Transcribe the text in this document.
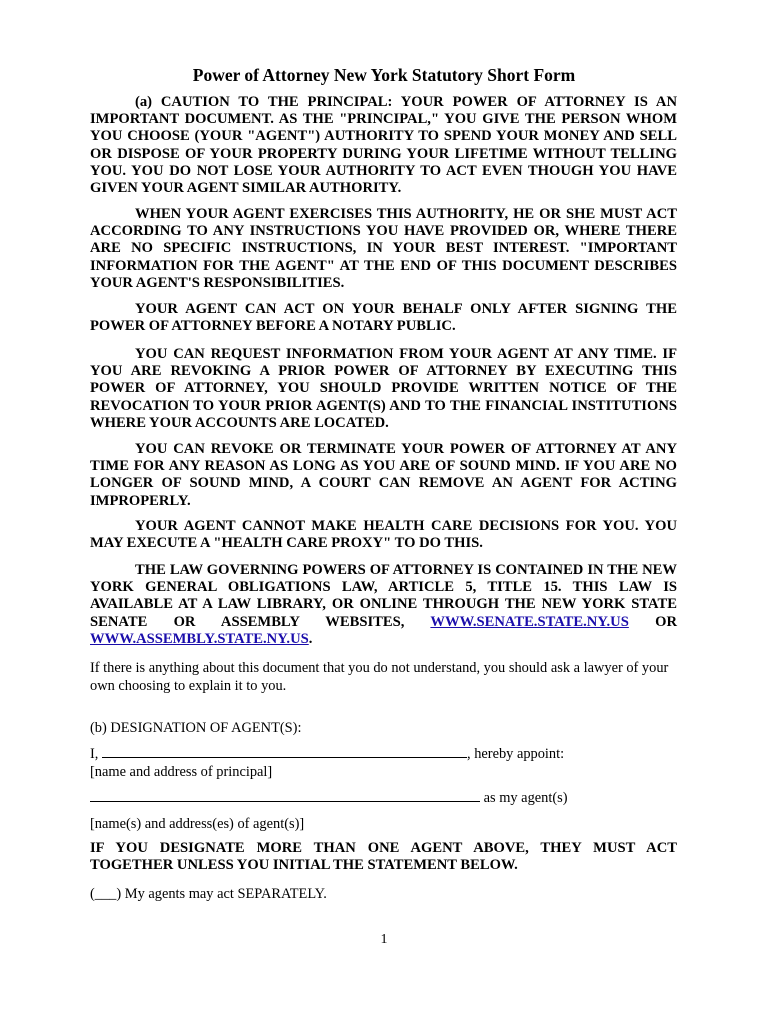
Power of Attorney New York Statutory Short Form
(a) CAUTION TO THE PRINCIPAL: YOUR POWER OF ATTORNEY IS AN IMPORTANT DOCUMENT. AS THE "PRINCIPAL," YOU GIVE THE PERSON WHOM YOU CHOOSE (YOUR "AGENT") AUTHORITY TO SPEND YOUR MONEY AND SELL OR DISPOSE OF YOUR PROPERTY DURING YOUR LIFETIME WITHOUT TELLING YOU. YOU DO NOT LOSE YOUR AUTHORITY TO ACT EVEN THOUGH YOU HAVE GIVEN YOUR AGENT SIMILAR AUTHORITY.
WHEN YOUR AGENT EXERCISES THIS AUTHORITY, HE OR SHE MUST ACT ACCORDING TO ANY INSTRUCTIONS YOU HAVE PROVIDED OR, WHERE THERE ARE NO SPECIFIC INSTRUCTIONS, IN YOUR BEST INTEREST. "IMPORTANT INFORMATION FOR THE AGENT" AT THE END OF THIS DOCUMENT DESCRIBES YOUR AGENT'S RESPONSIBILITIES.
YOUR AGENT CAN ACT ON YOUR BEHALF ONLY AFTER SIGNING THE POWER OF ATTORNEY BEFORE A NOTARY PUBLIC.
YOU CAN REQUEST INFORMATION FROM YOUR AGENT AT ANY TIME. IF YOU ARE REVOKING A PRIOR POWER OF ATTORNEY BY EXECUTING THIS POWER OF ATTORNEY, YOU SHOULD PROVIDE WRITTEN NOTICE OF THE REVOCATION TO YOUR PRIOR AGENT(S) AND TO THE FINANCIAL INSTITUTIONS WHERE YOUR ACCOUNTS ARE LOCATED.
YOU CAN REVOKE OR TERMINATE YOUR POWER OF ATTORNEY AT ANY TIME FOR ANY REASON AS LONG AS YOU ARE OF SOUND MIND. IF YOU ARE NO LONGER OF SOUND MIND, A COURT CAN REMOVE AN AGENT FOR ACTING IMPROPERLY.
YOUR AGENT CANNOT MAKE HEALTH CARE DECISIONS FOR YOU. YOU MAY EXECUTE A "HEALTH CARE PROXY" TO DO THIS.
THE LAW GOVERNING POWERS OF ATTORNEY IS CONTAINED IN THE NEW YORK GENERAL OBLIGATIONS LAW, ARTICLE 5, TITLE 15. THIS LAW IS AVAILABLE AT A LAW LIBRARY, OR ONLINE THROUGH THE NEW YORK STATE SENATE OR ASSEMBLY WEBSITES, WWW.SENATE.STATE.NY.US OR WWW.ASSEMBLY.STATE.NY.US.
If there is anything about this document that you do not understand, you should ask a lawyer of your own choosing to explain it to you.
(b) DESIGNATION OF AGENT(S):
I,	, hereby appoint:
[name and address of principal]
as my agent(s)
[name(s) and address(es) of agent(s)]
IF YOU DESIGNATE MORE THAN ONE AGENT ABOVE, THEY MUST ACT TOGETHER UNLESS YOU INITIAL THE STATEMENT BELOW.
(___) My agents may act SEPARATELY.
1
